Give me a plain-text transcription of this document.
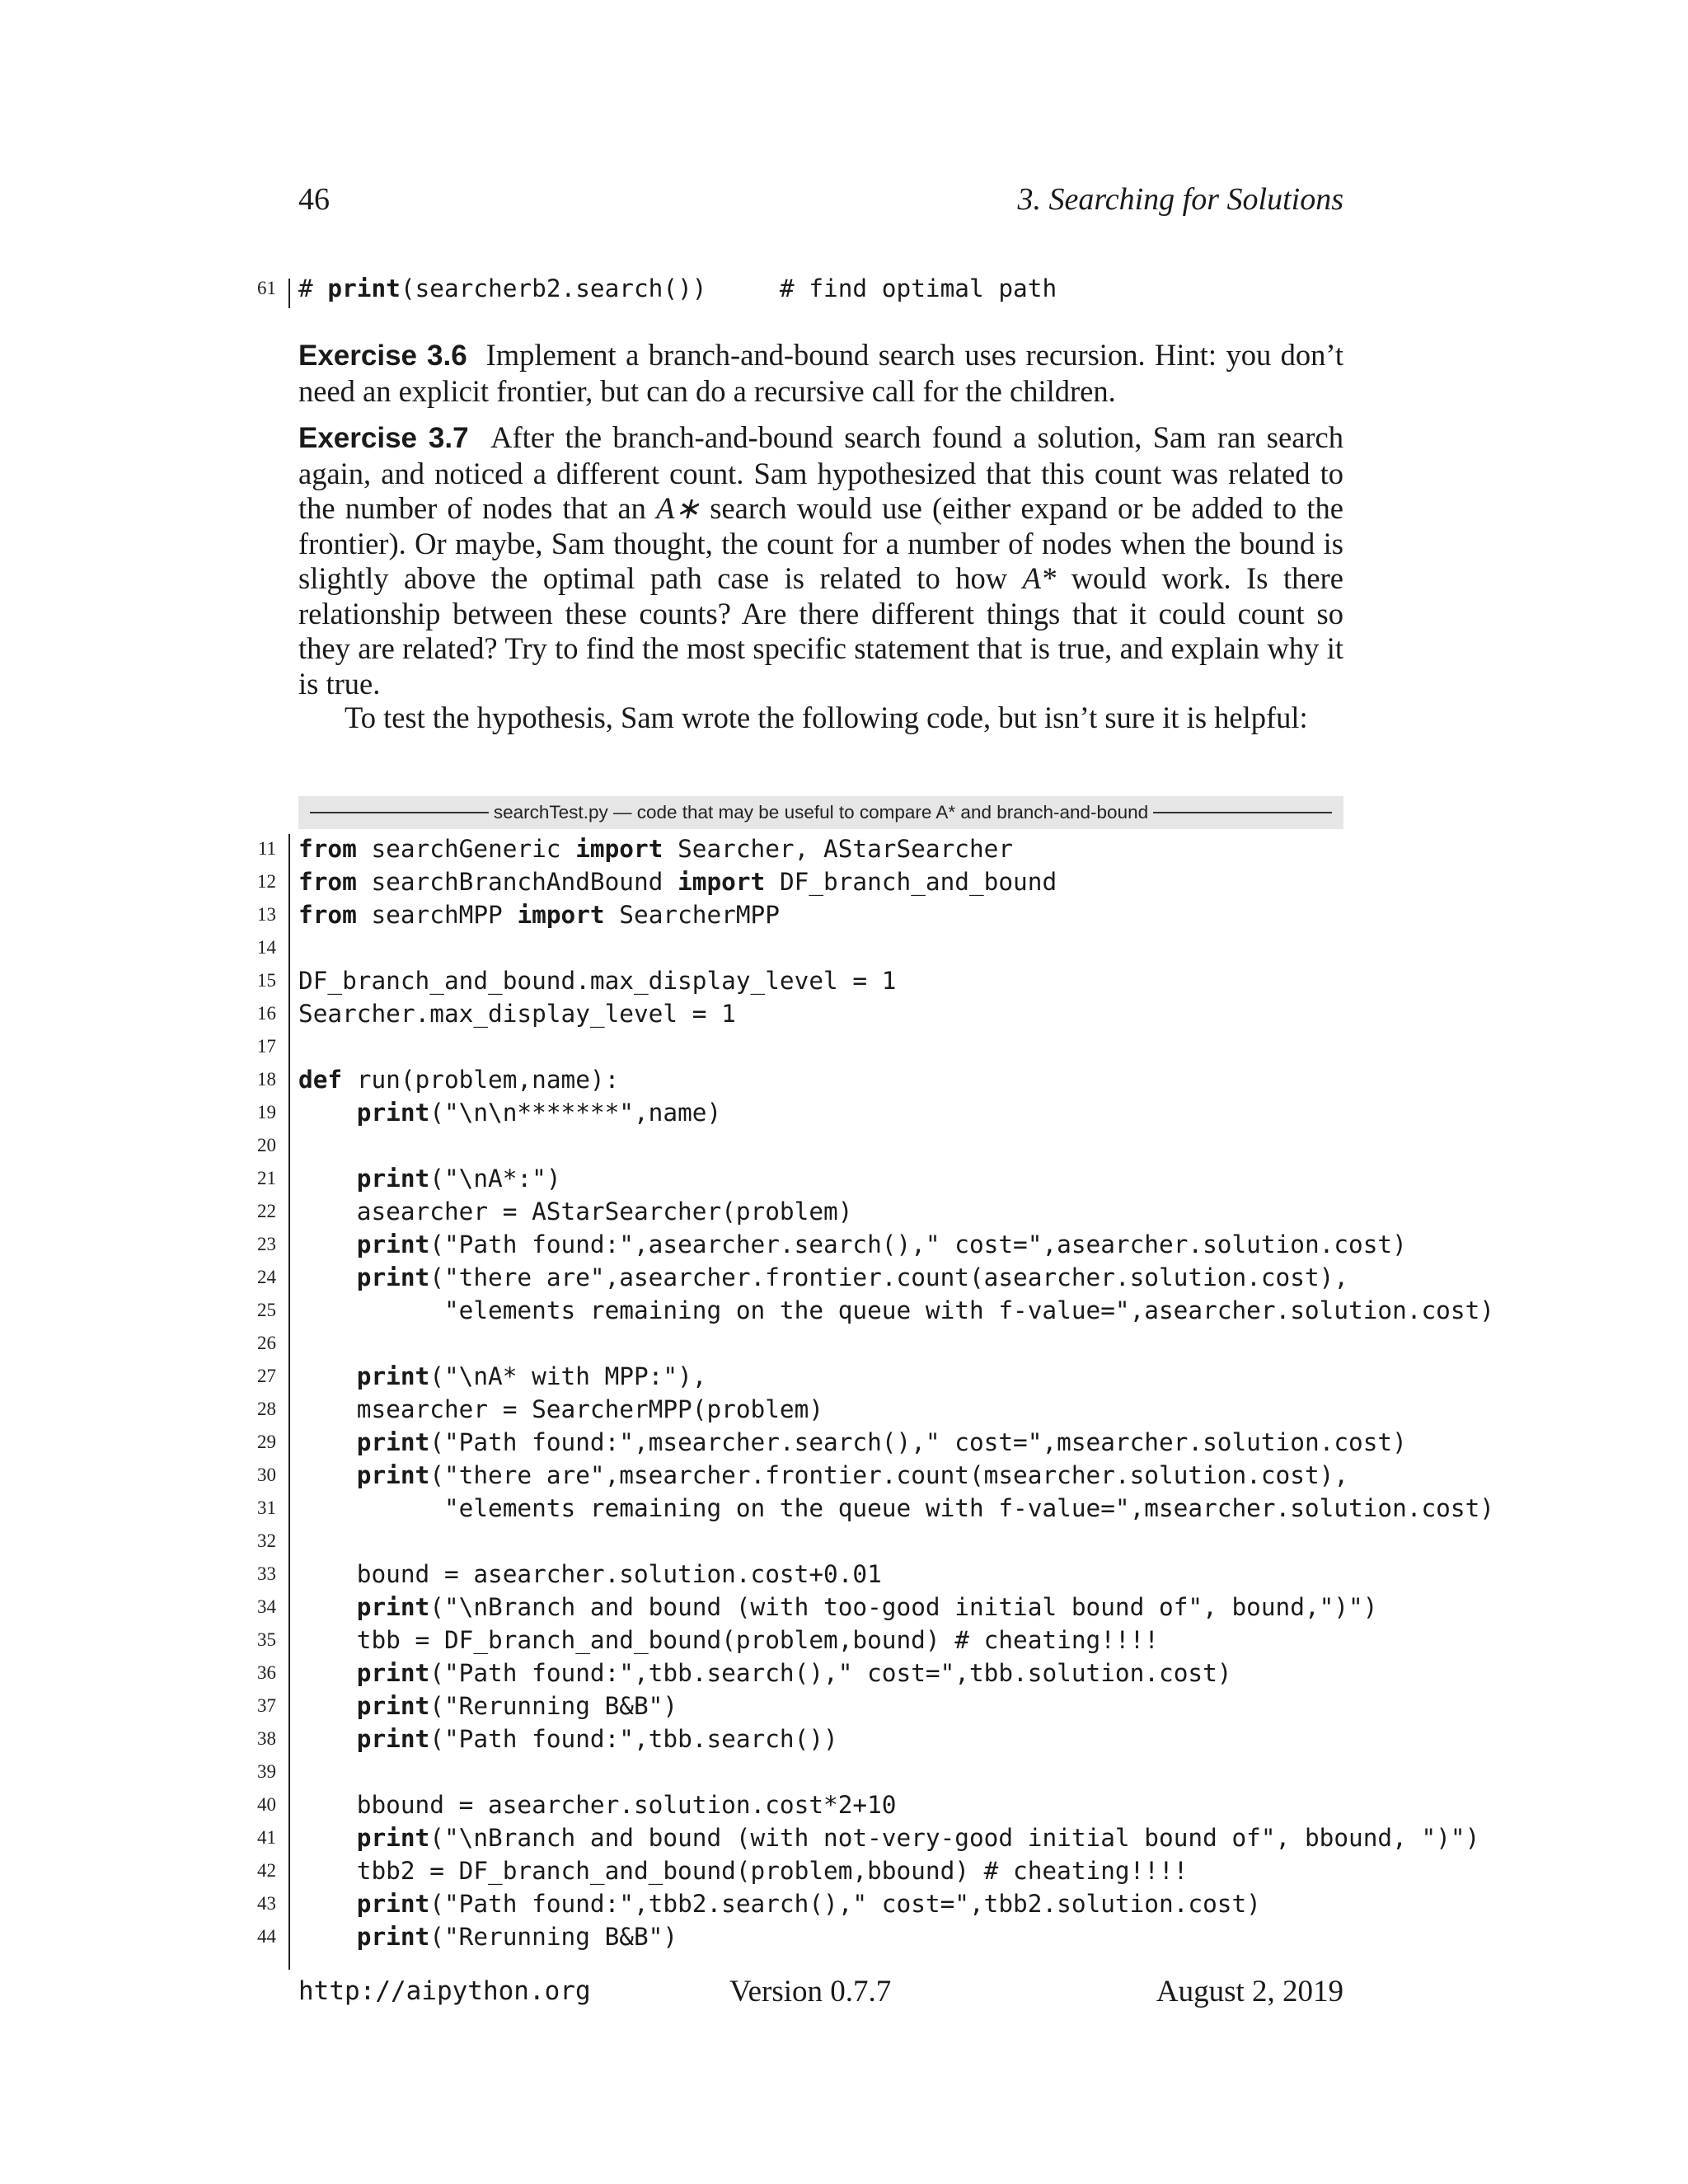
46	3. Searching for Solutions
61 # print(searcherb2.search())     # find optimal path
Exercise 3.6 Implement a branch-and-bound search uses recursion. Hint: you don’t need an explicit frontier, but can do a recursive call for the children.
Exercise 3.7 After the branch-and-bound search found a solution, Sam ran search again, and noticed a different count. Sam hypothesized that this count was related to the number of nodes that an A∗ search would use (either expand or be added to the frontier). Or maybe, Sam thought, the count for a number of nodes when the bound is slightly above the optimal path case is related to how A* would work. Is there relationship between these counts? Are there different things that it could count so they are related? Try to find the most specific statement that is true, and explain why it is true.
To test the hypothesis, Sam wrote the following code, but isn’t sure it is helpful:
searchTest.py — code that may be useful to compare A* and branch-and-bound
11 from searchGeneric import Searcher, AStarSearcher
12 from searchBranchAndBound import DF_branch_and_bound
13 from searchMPP import SearcherMPP
14
15 DF_branch_and_bound.max_display_level = 1
16 Searcher.max_display_level = 1
17
18 def run(problem,name):
19	print("\n\n*******",name)
20
21	print("\nA*:")
22 asearcher = AStarSearcher(problem)
23	print("Path found:",asearcher.search()," cost=",asearcher.solution.cost)
24	print("there are",asearcher.frontier.count(asearcher.solution.cost),
25 "elements remaining on the queue with f-value=",asearcher.solution.cost)
26
27	print("\nA* with MPP:"),
28 msearcher = SearcherMPP(problem)
29	print("Path found:",msearcher.search()," cost=",msearcher.solution.cost)
30	print("there are",msearcher.frontier.count(msearcher.solution.cost),
31 "elements remaining on the queue with f-value=",msearcher.solution.cost)
32
33 bound = asearcher.solution.cost+0.01
34	print("\nBranch and bound (with too-good initial bound of", bound,")")
35 tbb = DF_branch_and_bound(problem,bound) # cheating!!!!
36	print("Path found:",tbb.search()," cost=",tbb.solution.cost)
37	print("Rerunning B&B")
38	print("Path found:",tbb.search())
39
40 bbound = asearcher.solution.cost*2+10
41	print("\nBranch and bound (with not-very-good initial bound of", bbound, ")")
42 tbb2 = DF_branch_and_bound(problem,bbound) # cheating!!!!
43	print("Path found:",tbb2.search()," cost=",tbb2.solution.cost)
44	print("Rerunning B&B")
http://aipython.org	Version 0.7.7	August 2, 2019
